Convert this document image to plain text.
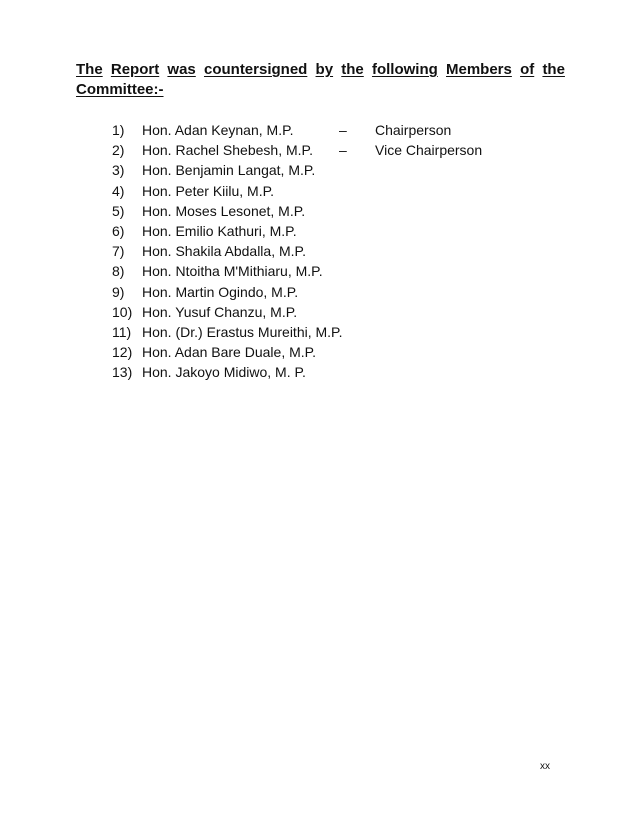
The Report was countersigned by the following Members of the
Committee:-
1) Hon. Adan Keynan, M.P.	– Chairperson
2) Hon. Rachel Shebesh, M.P. – Vice Chairperson
3) Hon. Benjamin Langat, M.P.
4) Hon. Peter Kiilu, M.P.
5) Hon. Moses Lesonet, M.P.
6) Hon. Emilio Kathuri, M.P.
7) Hon. Shakila Abdalla, M.P.
8) Hon. Ntoitha M'Mithiaru, M.P.
9) Hon. Martin Ogindo, M.P.
10) Hon. Yusuf Chanzu, M.P.
11) Hon. (Dr.) Erastus Mureithi, M.P.
12) Hon. Adan Bare Duale, M.P.
13) Hon. Jakoyo Midiwo, M. P.
xx
